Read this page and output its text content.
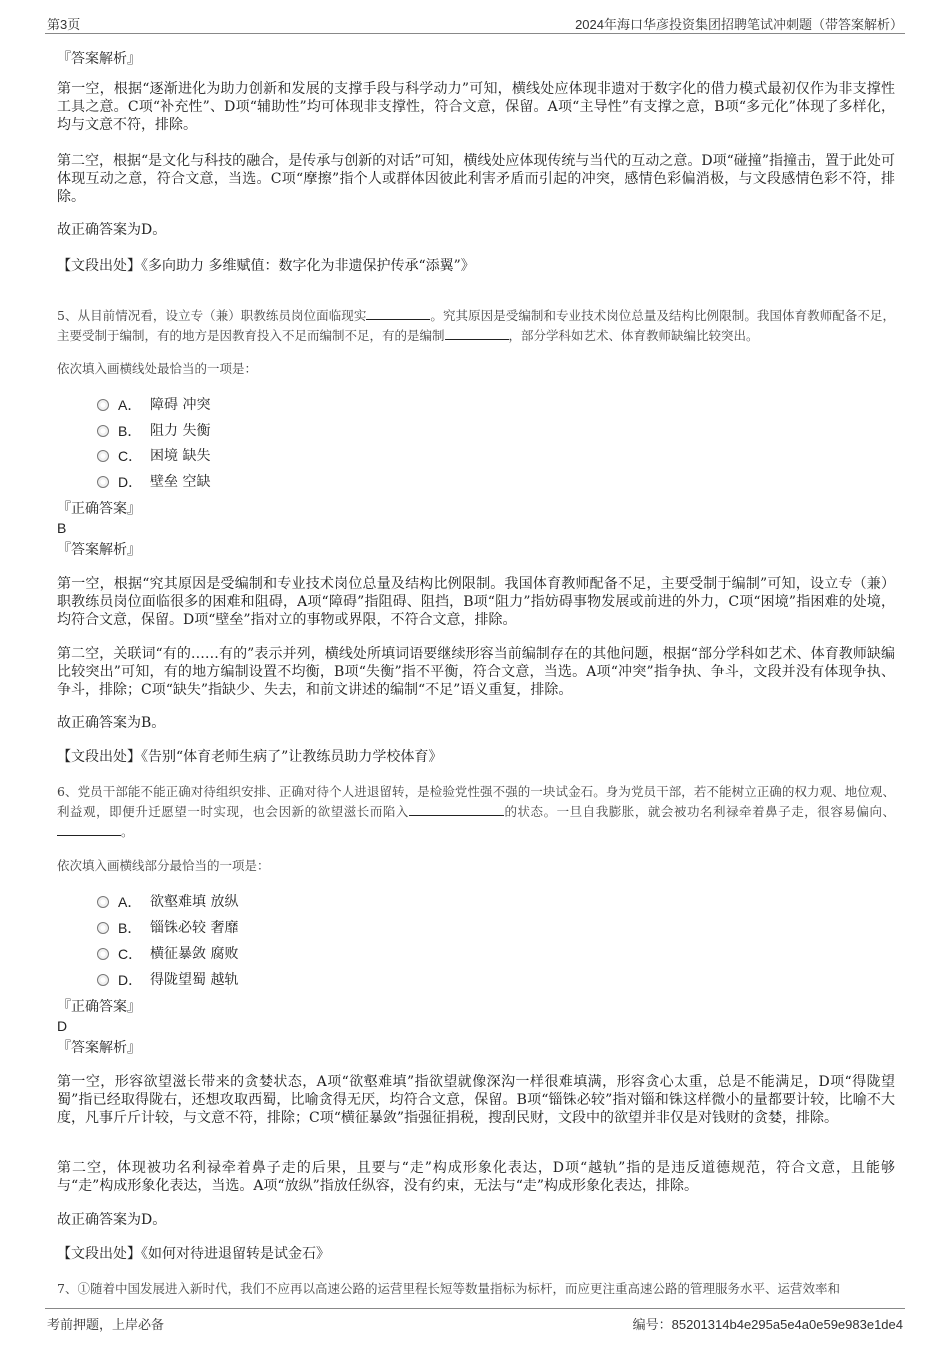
第3页	2024年海口华彦投资集团招聘笔试冲刺题（带答案解析）
『答案解析』
第一空，根据“逐渐进化为助力创新和发展的支撑手段与科学动力”可知，横线处应体现非遗对于数字化的借力模式最初仅作为非支撑性工具之意。C项“补充性”、D项“辅助性”均可体现非支撑性，符合文意，保留。A项“主导性”有支撑之意，B项“多元化”体现了多样化，均与文意不符，排除。
第二空，根据“是文化与科技的融合，是传承与创新的对话”可知，横线处应体现传统与当代的互动之意。D项“碰撞”指撞击，置于此处可体现互动之意，符合文意，当选。C项“摩擦”指个人或群体因彼此利害矛盾而引起的冲突，感情色彩偏消极，与文段感情色彩不符，排除。
故正确答案为D。
【文段出处】《多向助力 多维赋值：数字化为非遗保护传承“添翼”》
5、从目前情况看，设立专（兼）职教练员岗位面临现实	。究其原因是受编制和专业技术岗位总量及结构比例限制。我国体育教师配备不足，主要受制于编制，有的地方是因教育投入不足而编制不足，有的是编制	，部分学科如艺术、体育教师缺编比较突出。
依次填入画横线处最恰当的一项是：
A． 障碍 冲突
B． 阻力 失衡
C． 困境 缺失
D． 壁垒 空缺
『正确答案』
B
『答案解析』
第一空，根据“究其原因是受编制和专业技术岗位总量及结构比例限制。我国体育教师配备不足，主要受制于编制”可知，设立专（兼）职教练员岗位面临很多的困难和阻碍，A项“障碍”指阻碍、阻挡，B项“阻力”指妨碍事物发展或前进的外力，C项“困境”指困难的处境，均符合文意，保留。D项“壁垒”指对立的事物或界限，不符合文意，排除。
第二空，关联词“有的……有的”表示并列，横线处所填词语要继续形容当前编制存在的其他问题，根据“部分学科如艺术、体育教师缺编比较突出”可知，有的地方编制设置不均衡，B项“失衡”指不平衡，符合文意，当选。A项“冲突”指争执、争斗，文段并没有体现争执、争斗，排除；C项“缺失”指缺少、失去，和前文讲述的编制“不足”语义重复，排除。
故正确答案为B。
【文段出处】《告别“体育老师生病了”让教练员助力学校体育》
6、党员干部能不能正确对待组织安排、正确对待个人进退留转，是检验党性强不强的一块试金石。身为党员干部，若不能树立正确的权力观、地位观、利益观，即便升迁愿望一时实现，也会因新的欲望滋长而陷入	的状态。一旦自我膨胀，就会被功名利禄牵着鼻子走，很容易偏向、。
依次填入画横线部分最恰当的一项是：
A． 欲壑难填 放纵
B． 锱铢必较 奢靡
C． 横征暴敛 腐败
D． 得陇望蜀 越轨
『正确答案』
D
『答案解析』
第一空，形容欲望滋长带来的贪婪状态，A项“欲壑难填”指欲望就像深沟一样很难填满，形容贪心太重，总是不能满足，D项“得陇望蜀”指已经取得陇右，还想攻取西蜀，比喻贪得无厌，均符合文意，保留。B项“锱铢必较”指对锱和铢这样微小的量都要计较，比喻不大度，凡事斤斤计较，与文意不符，排除；C项“横征暴敛”指强征捐税，搜刮民财，文段中的欲望并非仅是对钱财的贪婪，排除。
第二空，体现被功名利禄牵着鼻子走的后果，且要与“走”构成形象化表达，D项“越轨”指的是违反道德规范，符合文意，且能够与“走”构成形象化表达，当选。A项“放纵”指放任纵容，没有约束，无法与“走”构成形象化表达，排除。
故正确答案为D。
【文段出处】《如何对待进退留转是试金石》
7、①随着中国发展进入新时代，我们不应再以高速公路的运营里程长短等数量指标为标杆，而应更注重高速公路的管理服务水平、运营效率和
考前押题，上岸必备	编号：85201314b4e295a5e4a0e59e983e1de4
